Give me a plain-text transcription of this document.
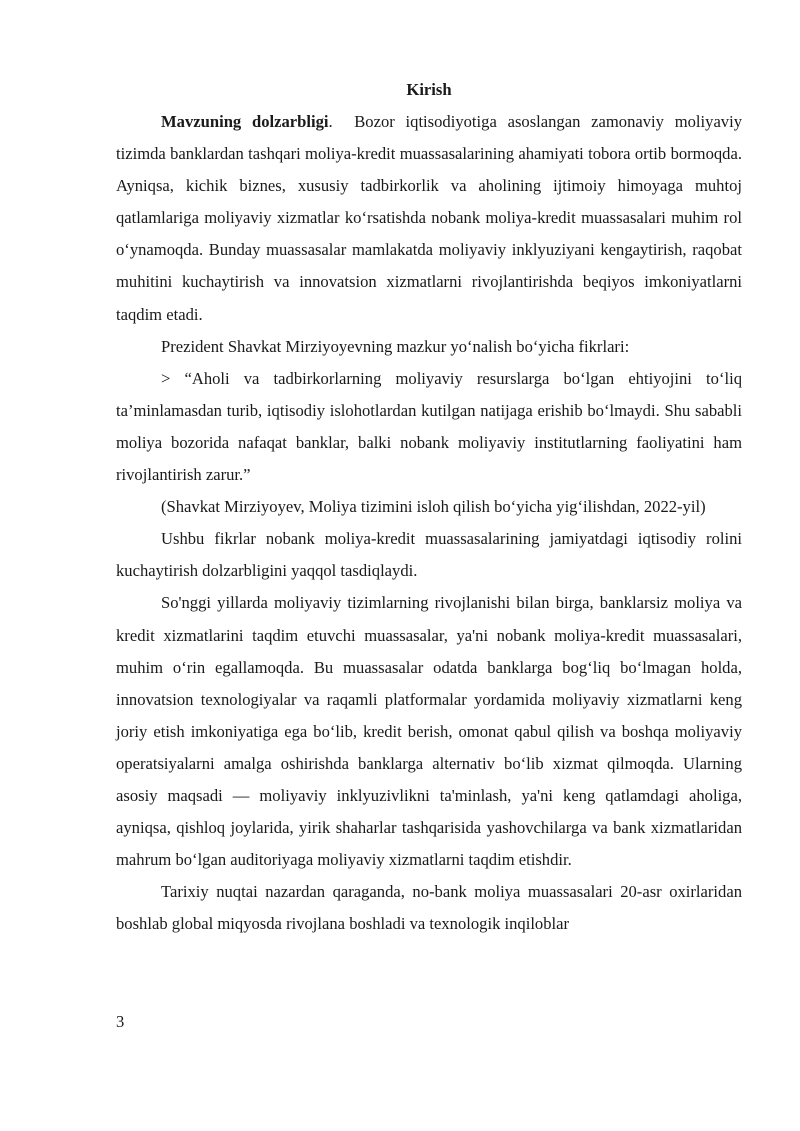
Kirish

Mavzuning dolzarbligi. Bozor iqtisodiyotiga asoslangan zamonaviy moliyaviy tizimda banklardan tashqari moliya-kredit muassasalarining ahamiyati tobora ortib bormoqda. Ayniqsa, kichik biznes, xususiy tadbirkorlik va aholining ijtimoiy himoyaga muhtoj qatlamlariga moliyaviy xizmatlar koʻrsatishda nobank moliya-kredit muassasalari muhim rol oʻynamoqda. Bunday muassasalar mamlakatda moliyaviy inklyuziyani kengaytirish, raqobat muhitini kuchaytirish va innovatsion xizmatlarni rivojlantirishda beqiyos imkoniyatlarni taqdim etadi.

Prezident Shavkat Mirziyoyevning mazkur yoʻnalish boʻyicha fikrlari:

> “Aholi va tadbirkorlarning moliyaviy resurslarga boʻlgan ehtiyojini toʻliq ta’minlamasdan turib, iqtisodiy islohotlardan kutilgan natijaga erishib boʻlmaydi. Shu sababli moliya bozorida nafaqat banklar, balki nobank moliyaviy institutlarning faoliyatini ham rivojlantirish zarur.”

(Shavkat Mirziyoyev, Moliya tizimini isloh qilish boʻyicha yigʻilishdan, 2022-yil)

Ushbu fikrlar nobank moliya-kredit muassasalarining jamiyatdagi iqtisodiy rolini kuchaytirish dolzarbligini yaqqol tasdiqlaydi.

So'nggi yillarda moliyaviy tizimlarning rivojlanishi bilan birga, banklarsiz moliya va kredit xizmatlarini taqdim etuvchi muassasalar, ya'ni nobank moliya-kredit muassasalari, muhim oʻrin egallamoqda. Bu muassasalar odatda banklarga bogʻliq boʻlmagan holda, innovatsion texnologiyalar va raqamli platformalar yordamida moliyaviy xizmatlarni keng joriy etish imkoniyatiga ega boʻlib, kredit berish, omonat qabul qilish va boshqa moliyaviy operatsiyalarni amalga oshirishda banklarga alternativ boʻlib xizmat qilmoqda. Ularning asosiy maqsadi — moliyaviy inklyuzivlikni ta'minlash, ya'ni keng qatlamdagi aholiga, ayniqsa, qishloq joylarida, yirik shaharlar tashqarisida yashovchilarga va bank xizmatlaridan mahrum boʻlgan auditoriyaga moliyaviy xizmatlarni taqdim etishdir.

Tarixiy nuqtai nazardan qaraganda, no-bank moliya muassasalari 20-asr oxirlaridan boshlab global miqyosda rivojlana boshladi va texnologik inqiloblar

3
